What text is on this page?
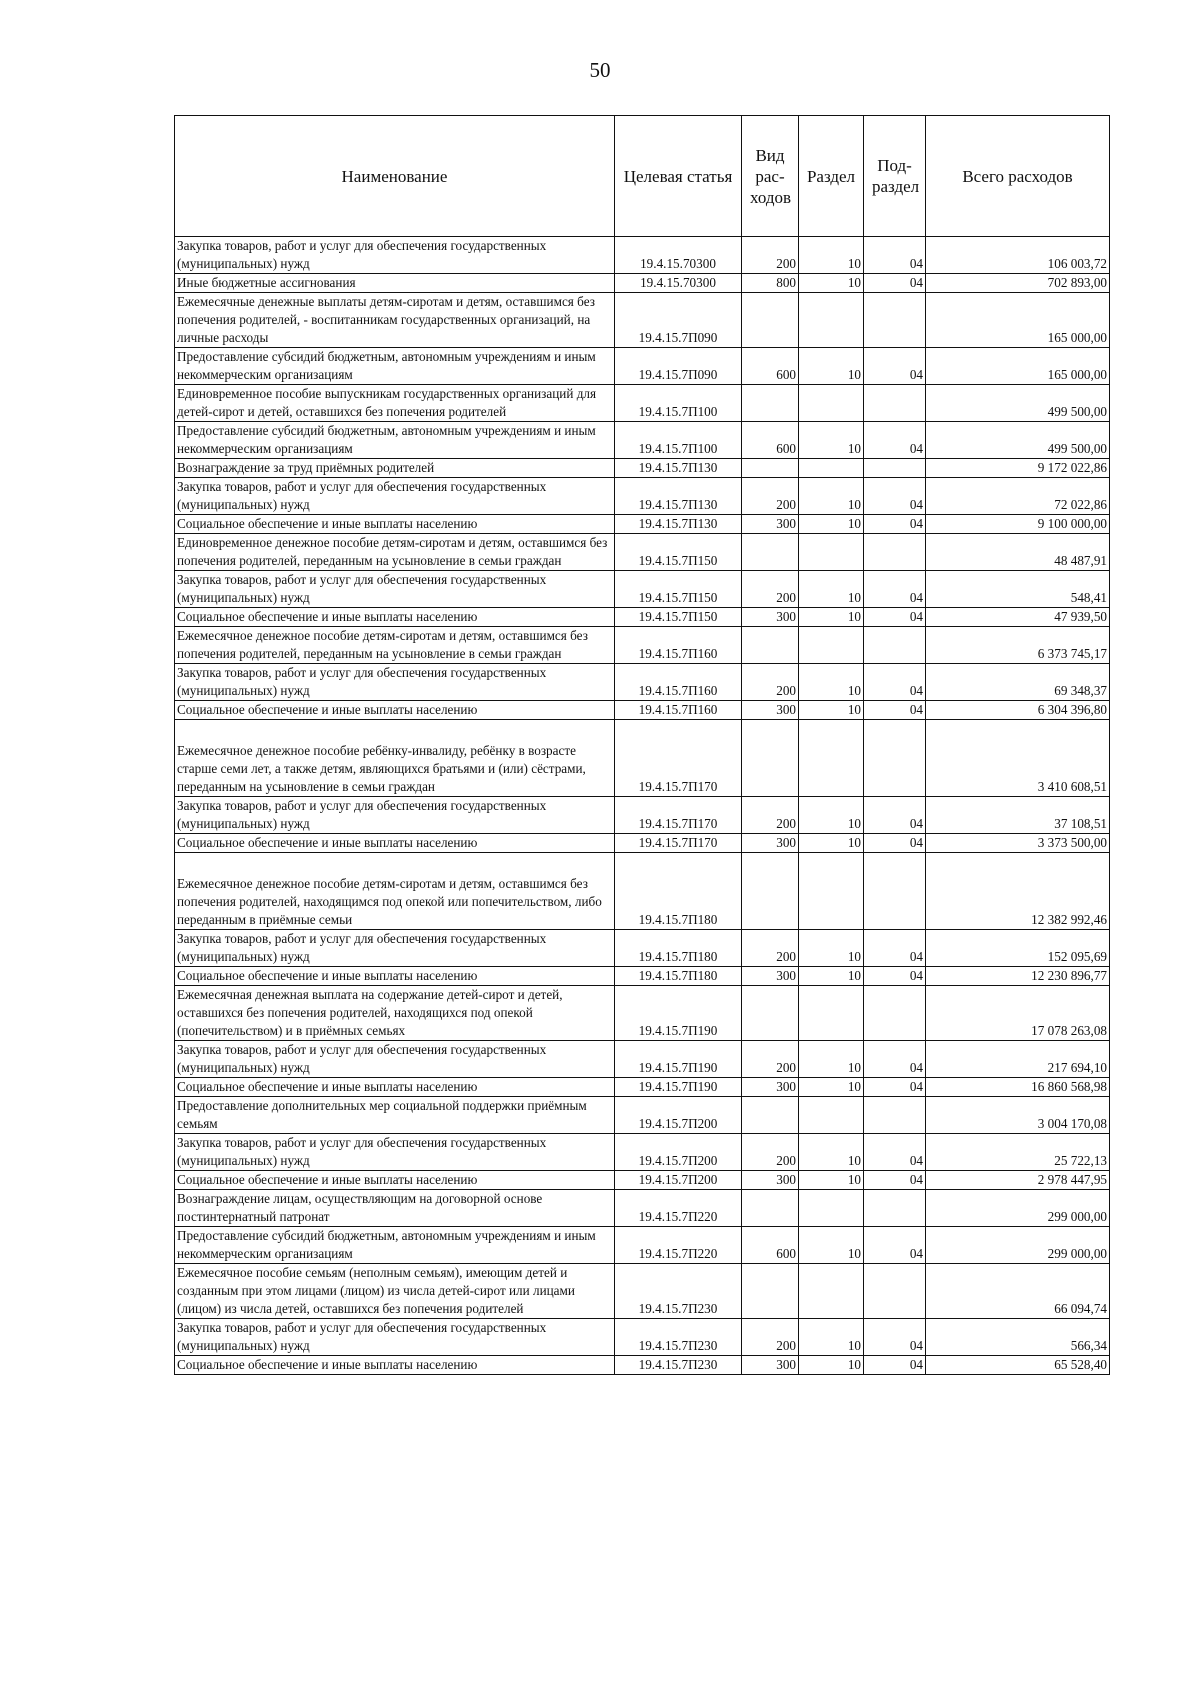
50
Наименование	Целевая статья	Вид рас-ходов	Раздел	Под-раздел	Всего расходов
Закупка товаров, работ и услуг для обеспечения государственных (муниципальных) нужд	19.4.15.70300	200	10	04	106 003,72
Иные бюджетные ассигнования	19.4.15.70300	800	10	04	702 893,00
Ежемесячные денежные выплаты детям-сиротам и детям, оставшимся без попечения родителей, - воспитанникам государственных организаций, на личные расходы	19.4.15.7П090				165 000,00
Предоставление субсидий бюджетным, автономным учреждениям и иным некоммерческим организациям	19.4.15.7П090	600	10	04	165 000,00
Единовременное пособие выпускникам государственных организаций для детей-сирот и детей, оставшихся без попечения родителей	19.4.15.7П100				499 500,00
Предоставление субсидий бюджетным, автономным учреждениям и иным некоммерческим организациям	19.4.15.7П100	600	10	04	499 500,00
Вознаграждение за труд приёмных родителей	19.4.15.7П130				9 172 022,86
Закупка товаров, работ и услуг для обеспечения государственных (муниципальных) нужд	19.4.15.7П130	200	10	04	72 022,86
Социальное обеспечение и иные выплаты населению	19.4.15.7П130	300	10	04	9 100 000,00
Единовременное денежное пособие детям-сиротам и детям, оставшимся без попечения родителей, переданным на усыновление в семьи граждан	19.4.15.7П150				48 487,91
Закупка товаров, работ и услуг для обеспечения государственных (муниципальных) нужд	19.4.15.7П150	200	10	04	548,41
Социальное обеспечение и иные выплаты населению	19.4.15.7П150	300	10	04	47 939,50
Ежемесячное денежное пособие детям-сиротам и детям, оставшимся без попечения родителей, переданным на усыновление в семьи граждан	19.4.15.7П160				6 373 745,17
Закупка товаров, работ и услуг для обеспечения государственных (муниципальных) нужд	19.4.15.7П160	200	10	04	69 348,37
Социальное обеспечение и иные выплаты населению	19.4.15.7П160	300	10	04	6 304 396,80

Ежемесячное денежное пособие ребёнку-инвалиду, ребёнку в возрасте старше семи лет, а также детям, являющихся братьями и (или) сёстрами, переданным на усыновление в семьи граждан	19.4.15.7П170				3 410 608,51
Закупка товаров, работ и услуг для обеспечения государственных (муниципальных) нужд	19.4.15.7П170	200	10	04	37 108,51
Социальное обеспечение и иные выплаты населению	19.4.15.7П170	300	10	04	3 373 500,00

Ежемесячное денежное пособие детям-сиротам и детям, оставшимся без попечения родителей, находящимся под опекой или попечительством, либо переданным в приёмные семьи	19.4.15.7П180				12 382 992,46
Закупка товаров, работ и услуг для обеспечения государственных (муниципальных) нужд	19.4.15.7П180	200	10	04	152 095,69
Социальное обеспечение и иные выплаты населению	19.4.15.7П180	300	10	04	12 230 896,77
Ежемесячная денежная выплата на содержание детей-сирот и детей, оставшихся без попечения родителей, находящихся под опекой (попечительством) и в приёмных семьях	19.4.15.7П190				17 078 263,08
Закупка товаров, работ и услуг для обеспечения государственных (муниципальных) нужд	19.4.15.7П190	200	10	04	217 694,10
Социальное обеспечение и иные выплаты населению	19.4.15.7П190	300	10	04	16 860 568,98
Предоставление дополнительных мер социальной поддержки приёмным семьям	19.4.15.7П200				3 004 170,08
Закупка товаров, работ и услуг для обеспечения государственных (муниципальных) нужд	19.4.15.7П200	200	10	04	25 722,13
Социальное обеспечение и иные выплаты населению	19.4.15.7П200	300	10	04	2 978 447,95
Вознаграждение лицам, осуществляющим на договорной основе постинтернатный патронат	19.4.15.7П220				299 000,00
Предоставление субсидий бюджетным, автономным учреждениям и иным некоммерческим организациям	19.4.15.7П220	600	10	04	299 000,00
Ежемесячное пособие семьям (неполным семьям), имеющим детей и созданным при этом лицами (лицом) из числа детей-сирот или лицами (лицом) из числа детей, оставшихся без попечения родителей	19.4.15.7П230				66 094,74
Закупка товаров, работ и услуг для обеспечения государственных (муниципальных) нужд	19.4.15.7П230	200	10	04	566,34
Социальное обеспечение и иные выплаты населению	19.4.15.7П230	300	10	04	65 528,40
